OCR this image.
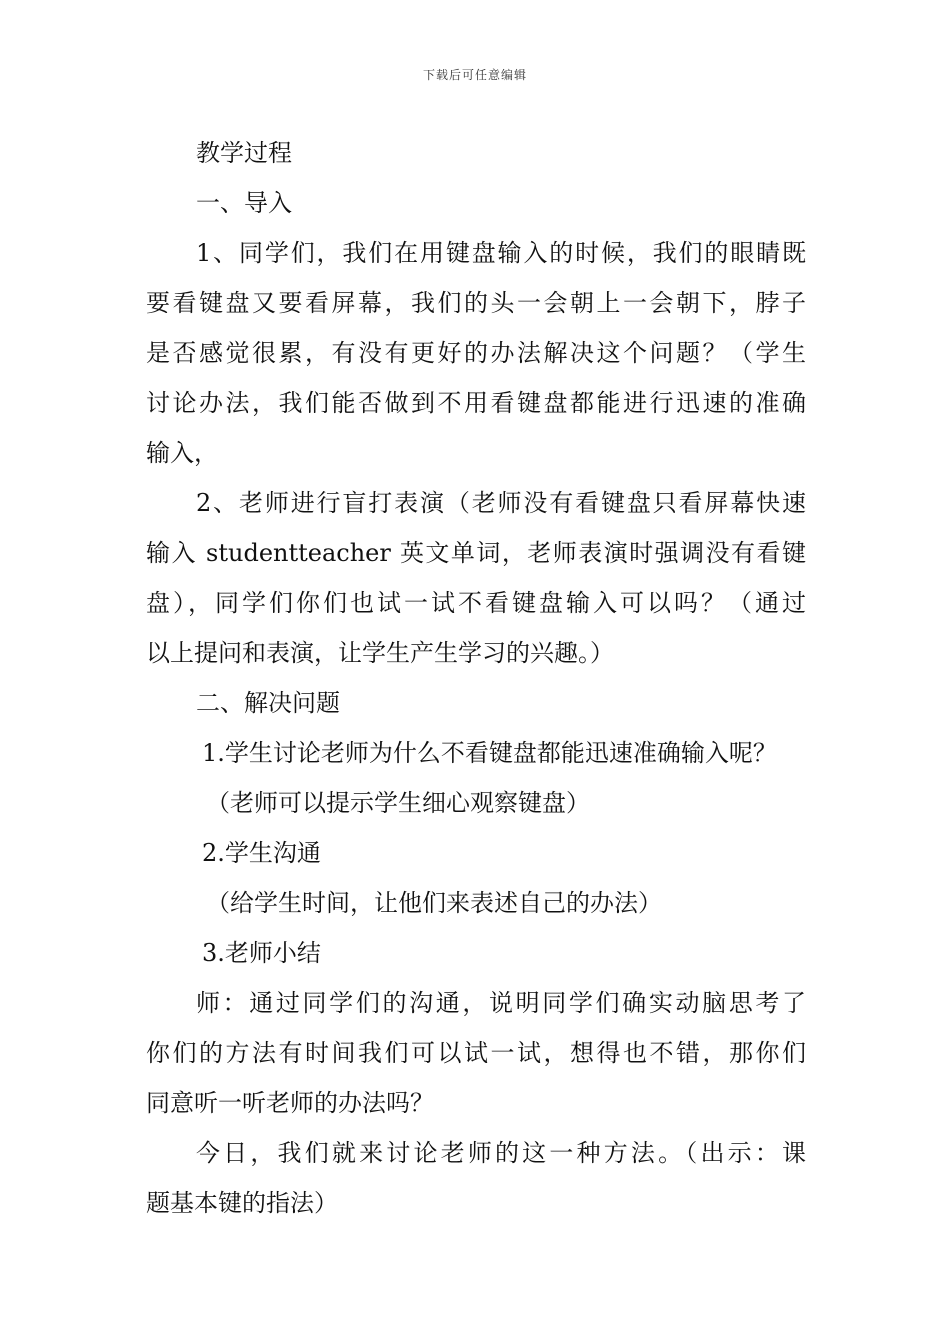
下载后可任意编辑
教学过程
一、导入
1、同学们，我们在用键盘输入的时候，我们的眼睛既
要看键盘又要看屏幕，我们的头一会朝上一会朝下，脖子
是否感觉很累，有没有更好的办法解决这个问题？（学生
讨论办法，我们能否做到不用看键盘都能进行迅速的准确
输入，
2、老师进行盲打表演（老师没有看键盘只看屏幕快速
输入 studentteacher 英文单词，老师表演时强调没有看键
盘），同学们你们也试一试不看键盘输入可以吗？（通过
以上提问和表演，让学生产生学习的兴趣。）
二、解决问题
1.学生讨论老师为什么不看键盘都能迅速准确输入呢？
（老师可以提示学生细心观察键盘）
2.学生沟通
（给学生时间，让他们来表述自己的办法）
3.老师小结
师：通过同学们的沟通，说明同学们确实动脑思考了
你们的方法有时间我们可以试一试，想得也不错，那你们
同意听一听老师的办法吗？
今日，我们就来讨论老师的这一种方法。（出示：课
题基本键的指法）
